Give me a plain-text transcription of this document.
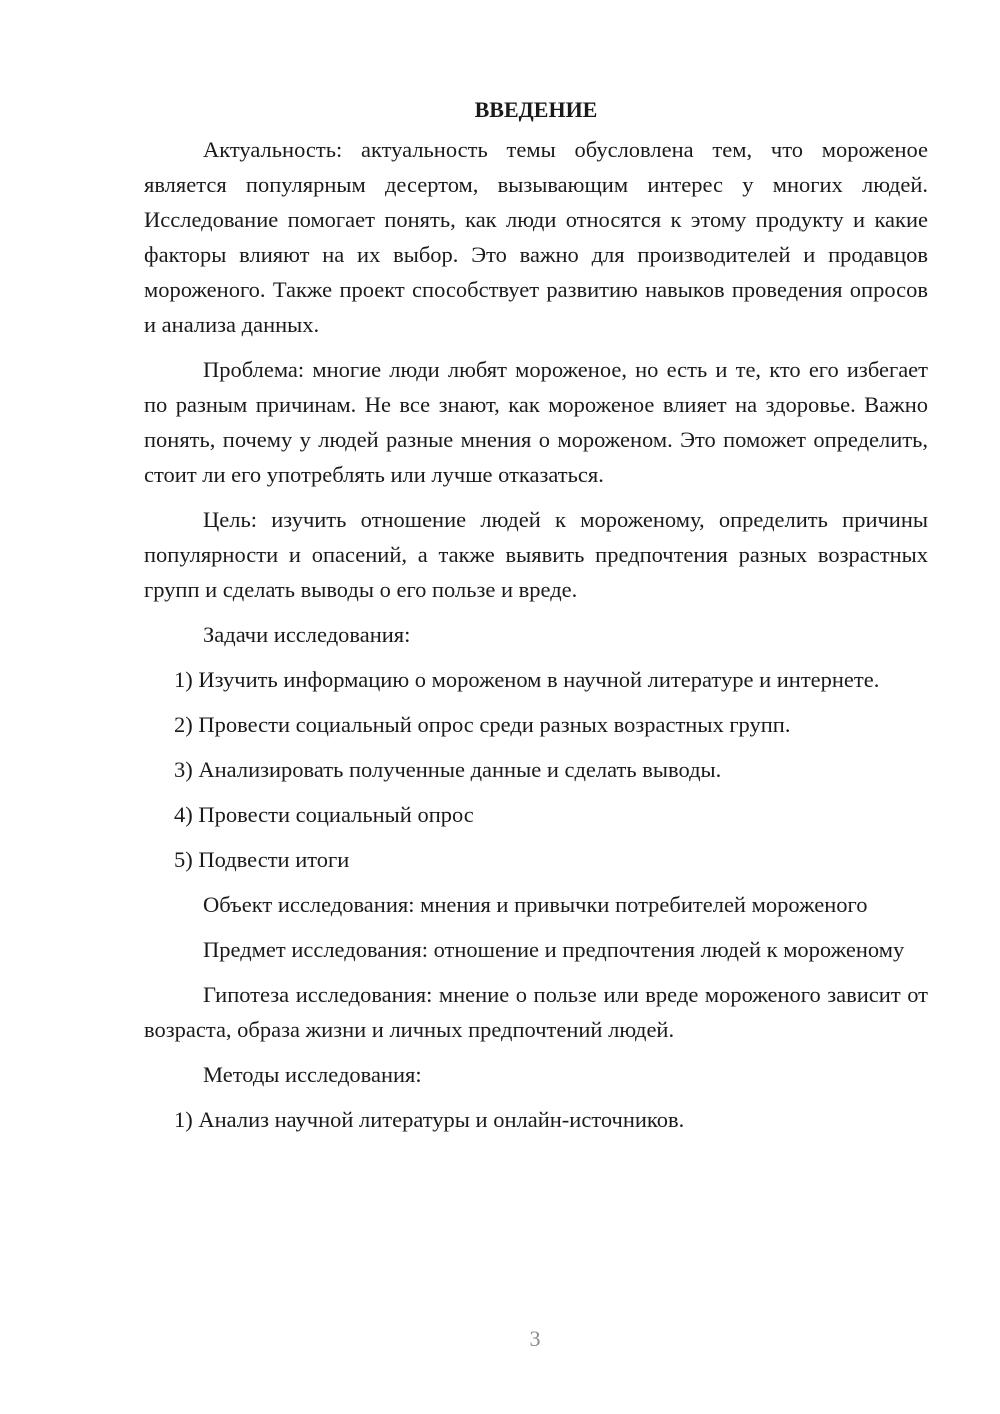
ВВЕДЕНИЕ

Актуальность: актуальность темы обусловлена тем, что мороженое является популярным десертом, вызывающим интерес у многих людей. Исследование помогает понять, как люди относятся к этому продукту и какие факторы влияют на их выбор. Это важно для производителей и продавцов мороженого. Также проект способствует развитию навыков проведения опросов и анализа данных.

Проблема: многие люди любят мороженое, но есть и те, кто его избегает по разным причинам. Не все знают, как мороженое влияет на здоровье. Важно понять, почему у людей разные мнения о мороженом. Это поможет определить, стоит ли его употреблять или лучше отказаться.

Цель: изучить отношение людей к мороженому, определить причины популярности и опасений, а также выявить предпочтения разных возрастных групп и сделать выводы о его пользе и вреде.

Задачи исследования:

1) Изучить информацию о мороженом в научной литературе и интернете.

2) Провести социальный опрос среди разных возрастных групп.

3) Анализировать полученные данные и сделать выводы.

4) Провести социальный опрос

5) Подвести итоги

Объект исследования: мнения и привычки потребителей мороженого

Предмет исследования: отношение и предпочтения людей к мороженому

Гипотеза исследования: мнение о пользе или вреде мороженого зависит от возраста, образа жизни и личных предпочтений людей.

Методы исследования:

1) Анализ научной литературы и онлайн-источников.

3
